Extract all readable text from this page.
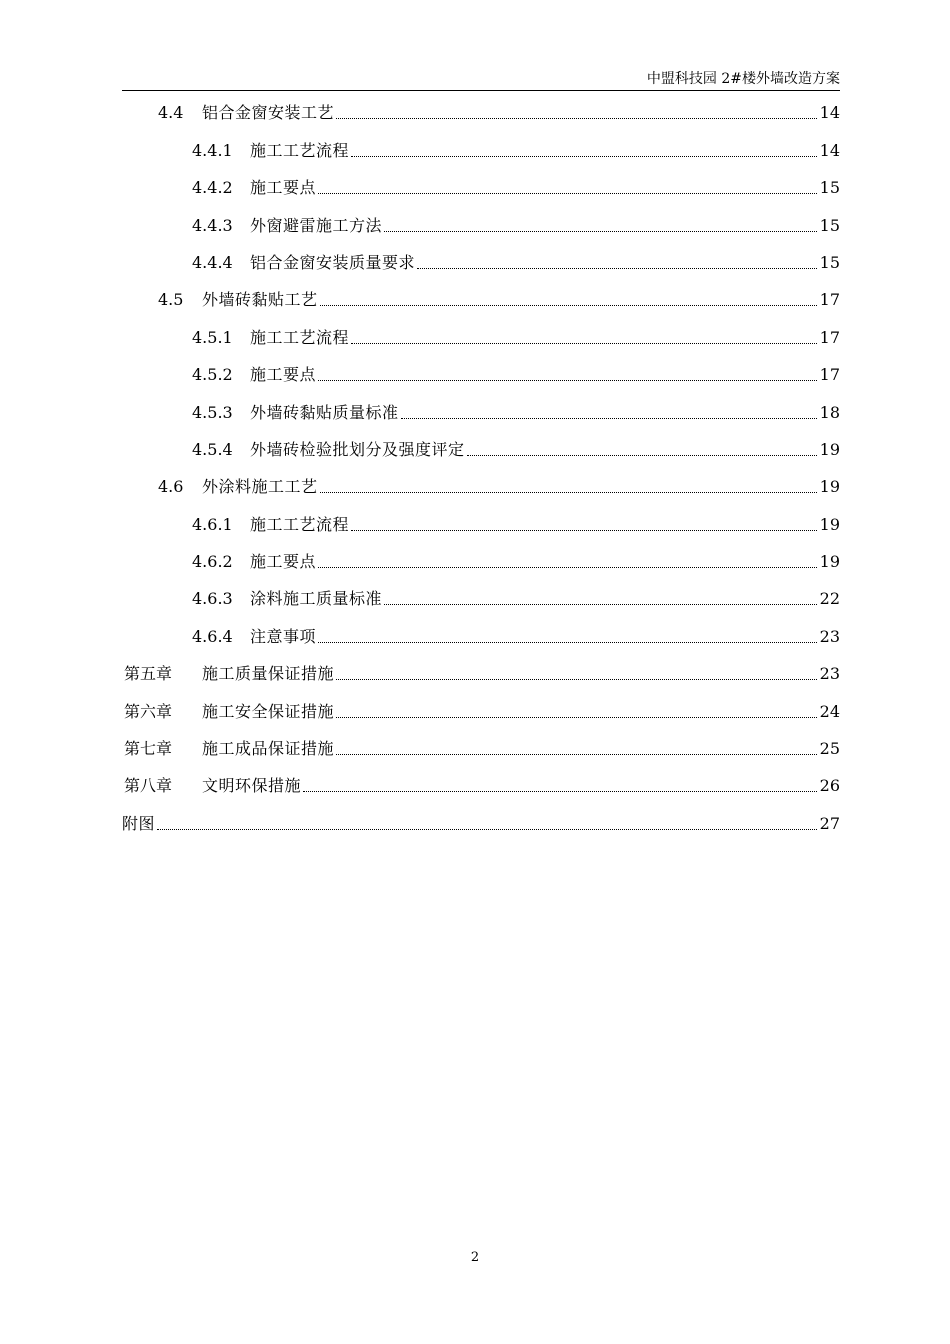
中盟科技园 2#楼外墙改造方案
4.4	铝合金窗安装工艺	14
4.4.1	施工工艺流程	14
4.4.2	施工要点	15
4.4.3	外窗避雷施工方法	15
4.4.4	铝合金窗安装质量要求	15
4.5	外墙砖黏贴工艺	17
4.5.1	施工工艺流程	17
4.5.2	施工要点	17
4.5.3	外墙砖黏贴质量标准	18
4.5.4	外墙砖检验批划分及强度评定	19
4.6	外涂料施工工艺	19
4.6.1	施工工艺流程	19
4.6.2	施工要点	19
4.6.3	涂料施工质量标准	22
4.6.4	注意事项	23
第五章	施工质量保证措施	23
第六章	施工安全保证措施	24
第七章	施工成品保证措施	25
第八章	文明环保措施	26
附图	27
2
